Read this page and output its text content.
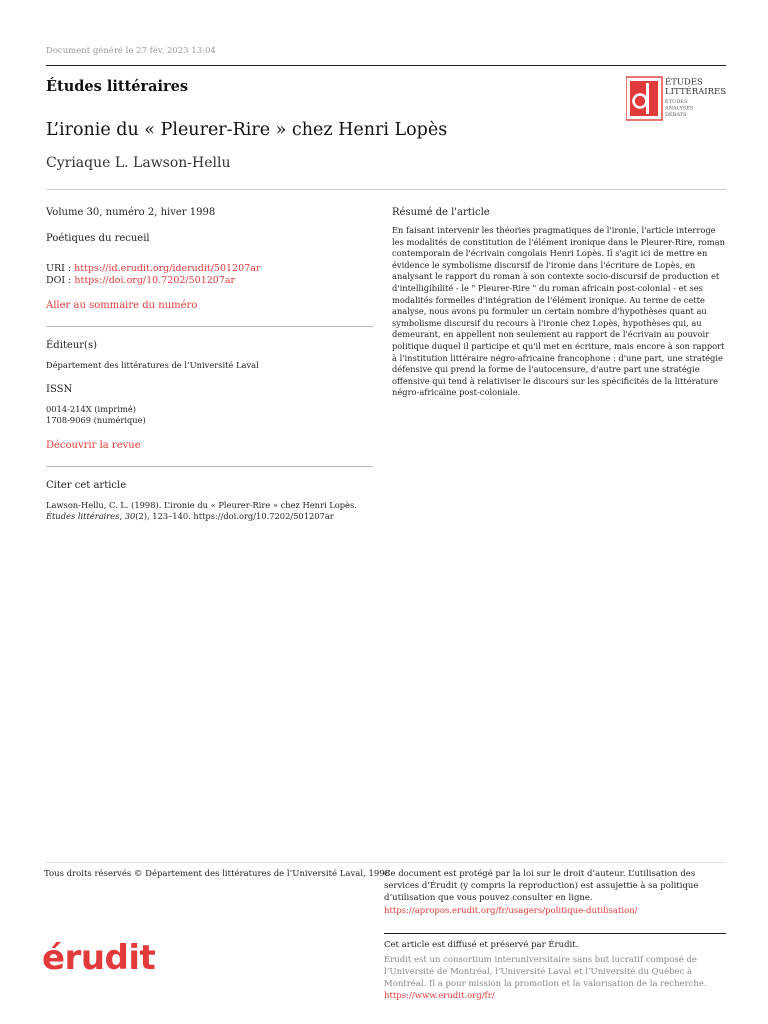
Document généré le 27 fév. 2023 13:04
Études littéraires	ÉTUDES
LITTÉRAIRES
ÉTUDES
ANALYSES
DÉBATS
L’ironie du « Pleurer-Rire » chez Henri Lopès
Cyriaque L. Lawson-Hellu
Volume 30, numéro 2, hiver 1998
Poétiques du recueil
URI : https://id.erudit.org/iderudit/501207ar
DOI : https://doi.org/10.7202/501207ar
Aller au sommaire du numéro
Éditeur(s)
Département des littératures de l’Université Laval
ISSN
0014-214X (imprimé)
1708-9069 (numérique)
Découvrir la revue
Citer cet article
Lawson-Hellu, C. L. (1998). L’ironie du « Pleurer-Rire » chez Henri Lopès.
Études littéraires, 30(2), 123–140. https://doi.org/10.7202/501207ar
Résumé de l'article
En faisant intervenir les théories pragmatiques de l'ironie, l'article interroge les modalités de constitution de l'élément ironique dans le Pleurer-Rire, roman contemporain de l'écrivain congolais Henri Lopès. Il s'agit ici de mettre en évidence le symbolisme discursif de l'ironie dans l'écriture de Lopès, en analysant le rapport du roman à son contexte socio-discursif de production et d'intelligibilité - le " Pleurer-Rire " du roman africain post-colonial - et ses modalités formelles d'intégration de l'élément ironique. Au terme de cette analyse, nous avons pu formuler un certain nombre d'hypothèses quant au symbolisme discursif du recours à l'ironie chez Lopès, hypothèses qui, au demeurant, en appellent non seulement au rapport de l'écrivain au pouvoir politique duquel il participe et qu'il met en écriture, mais encore à son rapport à l'institution littéraire négro-africaine francophone : d'une part, une stratégie défensive qui prend la forme de l'autocensure, d'autre part une stratégie offensive qui tend à relativiser le discours sur les spécificités de la littérature négro-africaine post-coloniale.
Tous droits réservés © Département des littératures de l’Université Laval, 1998
Ce document est protégé par la loi sur le droit d’auteur. L’utilisation des services d’Érudit (y compris la reproduction) est assujettie à sa politique d’utilisation que vous pouvez consulter en ligne.
https://apropos.erudit.org/fr/usagers/politique-dutilisation/
érudit	Cet article est diffusé et préservé par Érudit.
Érudit est un consortium interuniversitaire sans but lucratif composé de l’Université de Montréal, l’Université Laval et l’Université du Québec à Montréal. Il a pour mission la promotion et la valorisation de la recherche.
https://www.erudit.org/fr/
